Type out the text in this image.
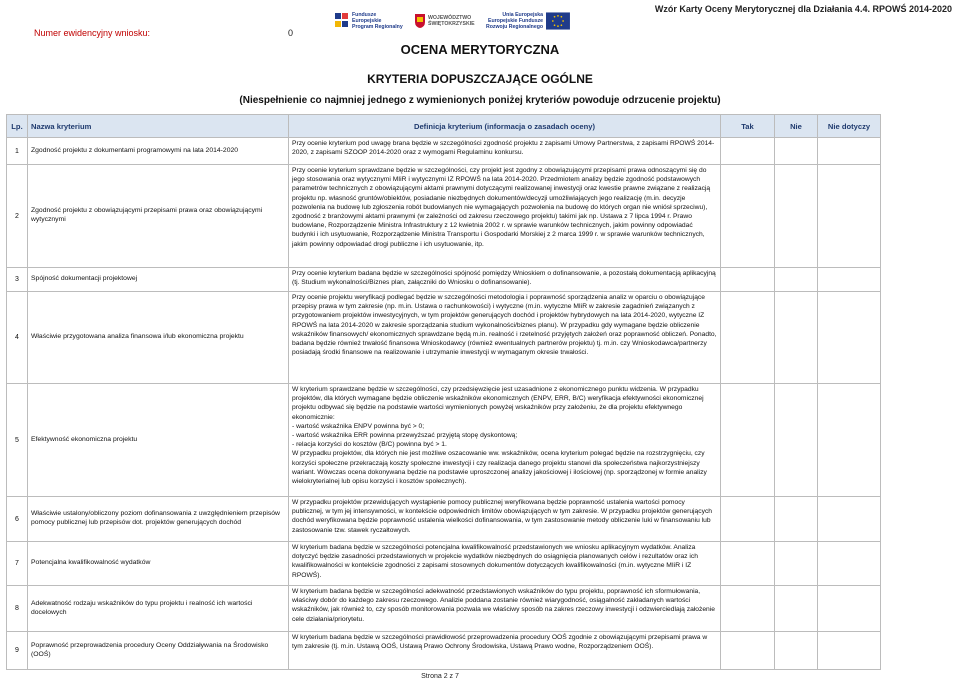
Wzór Karty Oceny Merytorycznej dla Działania 4.4. RPOWŚ 2014-2020
Numer ewidencyjny wniosku:	0
Fundusze
Europejskie
Program Regionalny
WOJEWÓDZTWO
ŚWIĘTOKRZYSKIE
Unia Europejska
Europejskie Fundusze
Rozwoju Regionalnego
OCENA MERYTORYCZNA
KRYTERIA DOPUSZCZAJĄCE OGÓLNE
(Niespełnienie co najmniej jednego z wymienionych poniżej kryteriów powoduje odrzucenie projektu)
Lp.	Nazwa kryterium	Definicja kryterium (informacja o zasadach oceny)	Tak	Nie	Nie dotyczy
1	Zgodność projektu z dokumentami programowymi na lata 2014-2020	Przy ocenie kryterium pod uwagę brana będzie w szczególności zgodność projektu z zapisami Umowy Partnerstwa, z zapisami RPOWŚ 2014-2020, z zapisami SZOOP 2014-2020 oraz z wymogami Regulaminu konkursu.			
2	Zgodność projektu z obowiązującymi przepisami prawa oraz obowiązującymi wytycznymi	Przy ocenie kryterium sprawdzane będzie w szczególności, czy projekt jest zgodny z obowiązującymi przepisami prawa odnoszącymi się do jego stosowania oraz wytycznymi MIiR i wytycznymi IZ RPOWŚ na lata 2014-2020. Przedmiotem analizy będzie zgodność podstawowych parametrów technicznych z obowiązującymi aktami prawnymi dotyczącymi realizowanej inwestycji oraz kwestie prawne związane z realizacją projektu np. własność gruntów/obiektów, posiadanie niezbędnych dokumentów/decyzji umożliwiających jego realizację (m.in. decyzje pozwolenia na budowę lub zgłoszenia robót budowlanych nie wymagających pozwolenia na budowę do których organ nie wniósł sprzeciwu), zgodność z branżowymi aktami prawnymi (w zależności od zakresu rzeczowego projektu) takimi jak np. Ustawa z 7 lipca 1994 r. Prawo budowlane, Rozporządzenie Ministra Infrastruktury z 12 kwietnia 2002 r. w sprawie warunków technicznych, jakim powinny odpowiadać budynki i ich usytuowanie, Rozporządzenie Ministra Transportu i Gospodarki Morskiej z 2 marca 1999 r. w sprawie warunków technicznych, jakim powinny odpowiadać drogi publiczne i ich usytuowanie, itp.			
3	Spójność dokumentacji projektowej	Przy ocenie kryterium badana będzie w szczególności spójność pomiędzy Wnioskiem o dofinansowanie, a pozostałą dokumentacją aplikacyjną (tj. Studium wykonalności/Biznes plan, załączniki do Wniosku o dofinansowanie).			
4	Właściwie przygotowana analiza finansowa i/lub ekonomiczna projektu	Przy ocenie projektu weryfikacji podlegać będzie w szczególności metodologia i poprawność sporządzenia analiz w oparciu o obowiązujące przepisy prawa w tym zakresie (np. m.in. Ustawa o rachunkowości) i wytyczne (m.in. wytyczne MIiR w zakresie zagadnień związanych z przygotowaniem projektów inwestycyjnych, w tym projektów generujących dochód i projektów hybrydowych na lata 2014-2020, wytyczne IZ RPOWŚ na lata 2014-2020 w zakresie sporządzania studium wykonalności/biznes planu). W przypadku gdy wymagane będzie obliczenie wskaźników finansowych/ ekonomicznych sprawdzane będą m.in. realność i rzetelność przyjętych założeń oraz poprawność obliczeń. Ponadto, badana będzie również trwałość finansowa Wnioskodawcy (również ewentualnych partnerów projektu) tj. m.in. czy Wnioskodawca/partnerzy posiadają środki finansowe na realizowanie i utrzymanie inwestycji w wymaganym okresie trwałości.			
5	Efektywność ekonomiczna projektu	W kryterium sprawdzane będzie w szczególności, czy przedsięwzięcie jest uzasadnione z ekonomicznego punktu widzenia. W przypadku projektów, dla których wymagane będzie obliczenie wskaźników ekonomicznych (ENPV, ERR, B/C) weryfikacja efektywności ekonomicznej projektu odbywać się będzie na podstawie wartości wymienionych powyżej wskaźników przy założeniu, że dla projektu efektywnego ekonomicznie:
- wartość wskaźnika ENPV powinna być > 0;
- wartość wskaźnika ERR powinna przewyższać przyjętą stopę dyskontową;
- relacja korzyści do kosztów (B/C) powinna być > 1.
W przypadku projektów, dla których nie jest możliwe oszacowanie ww. wskaźników, ocena kryterium polegać będzie na rozstrzygnięciu, czy korzyści społeczne przekraczają koszty społeczne inwestycji i czy realizacja danego projektu stanowi dla społeczeństwa najkorzystniejszy wariant. Wówczas ocena dokonywana będzie na podstawie uproszczonej analizy jakościowej i ilościowej (np. sporządzonej w formie analizy wielokryterialnej lub opisu korzyści i kosztów społecznych).			
6	Właściwie ustalony/obliczony poziom dofinansowania z uwzględnieniem przepisów pomocy publicznej lub przepisów dot. projektów generujących dochód	W przypadku projektów przewidujących wystąpienie pomocy publicznej weryfikowana będzie poprawność ustalenia wartości pomocy publicznej, w tym jej intensywności, w kontekście odpowiednich limitów obowiązujących w tym zakresie. W przypadku projektów generujących dochód weryfikowana będzie poprawność ustalenia wielkości dofinansowania, w tym zastosowanie metody obliczenie luki w finansowaniu lub zastosowanie tzw. stawek ryczałtowych.			
7	Potencjalna kwalifikowalność wydatków	W kryterium badana będzie w szczególności potencjalna kwalifikowalność przedstawionych we wniosku aplikacyjnym wydatków. Analiza dotyczyć będzie zasadności przedstawionych w projekcie wydatków niezbędnych do osiągnięcia planowanych celów i rezultatów oraz ich kwalifikowalności w kontekście zgodności z zapisami stosownych dokumentów dotyczących kwalifikowalności (m.in. wytyczne MIiR i IZ RPOWŚ).			
8	Adekwatność rodzaju wskaźników do typu projektu i realność ich wartości docelowych	W kryterium badana będzie w szczególności adekwatność przedstawionych wskaźników do typu projektu, poprawność ich sformułowania, właściwy dobór do każdego zakresu rzeczowego. Analizie poddana zostanie również wiarygodność, osiągalność zakładanych wartości wskaźników, jak również to, czy sposób monitorowania pozwala we właściwy sposób na zakres rzeczowy inwestycji i odzwierciedlają założenie cele działania/priorytetu.			
9	Poprawność przeprowadzenia procedury Oceny Oddziaływania na Środowisko (OOŚ)	W kryterium badana będzie w szczególności prawidłowość przeprowadzenia procedury OOŚ zgodnie z obowiązującymi przepisami prawa w tym zakresie (tj. m.in. Ustawą OOŚ, Ustawą Prawo Ochrony Środowiska, Ustawą Prawo wodne, Rozporządzeniem OOŚ).			
Strona 2 z 7
